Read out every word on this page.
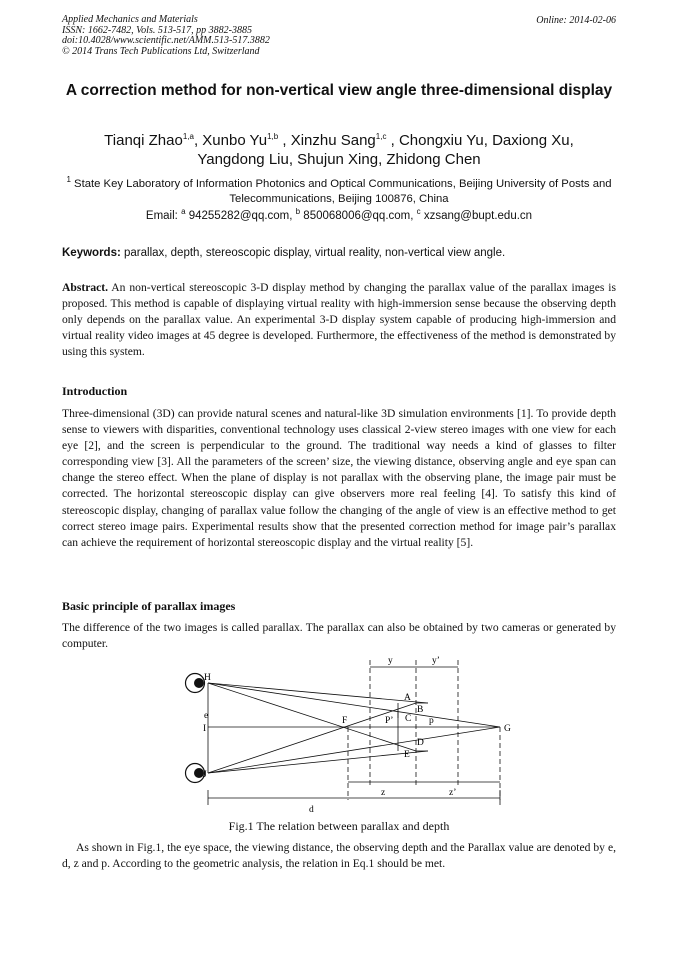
Applied Mechanics and Materials
ISSN: 1662-7482, Vols. 513-517, pp 3882-3885
doi:10.4028/www.scientific.net/AMM.513-517.3882
© 2014 Trans Tech Publications Ltd, Switzerland
Online: 2014-02-06
A correction method for non-vertical view angle three-dimensional display
Tianqi Zhao$^{1,a}$, Xunbo Yu$^{1,b}$ , Xinzhu Sang$^{1,c}$ , Chongxiu Yu, Daxiong Xu,
Yangdong Liu, Shujun Xing, Zhidong Chen
$^1$ State Key Laboratory of Information Photonics and Optical Communications, Beijing University of Posts and Telecommunications, Beijing 100876, China
Email: $^a$ 94255282@qq.com, $^b$ 850068006@qq.com, $^c$ xzsang@bupt.edu.cn
Keywords: parallax, depth, stereoscopic display, virtual reality, non-vertical view angle.
Abstract. An non-vertical stereoscopic 3-D display method by changing the parallax value of the parallax images is proposed. This method is capable of displaying virtual reality with high-immersion sense because the observing depth only depends on the parallax value. An experimental 3-D display system capable of producing high-immersion and virtual reality video images at 45 degree is developed. Furthermore, the effectiveness of the method is demonstrated by using this system.
Introduction
Three-dimensional (3D) can provide natural scenes and natural-like 3D simulation environments [1]. To provide depth sense to viewers with disparities, conventional technology uses classical 2-view stereo images with one view for each eye [2], and the screen is perpendicular to the ground. The traditional way needs a kind of glasses to filter corresponding view [3]. All the parameters of the screen’ size, the viewing distance, observing angle and eye span can change the stereo effect. When the plane of display is not parallax with the observing plane, the image pair must be corrected. The horizontal stereoscopic display can give observers more real feeling [4]. To satisfy this kind of stereoscopic display, changing of parallax value follow the changing of the angle of view is an effective method to get correct stereo image pairs. Experimental results show that the presented correction method for image pair’s parallax can achieve the requirement of horizontal stereoscopic display and the virtual reality [5].
Basic principle of parallax images
The difference of the two images is called parallax. The parallax can also be obtained by two cameras or generated by computer.
H
J
e
I
F
G
A
B
C
D
E
P’	p
y	y’
z	z’
d
Fig.1 The relation between parallax and depth
As shown in Fig.1, the eye space, the viewing distance, the observing depth and the Parallax value are denoted by e, d, z and p. According to the geometric analysis, the relation in Eq.1 should be met.
